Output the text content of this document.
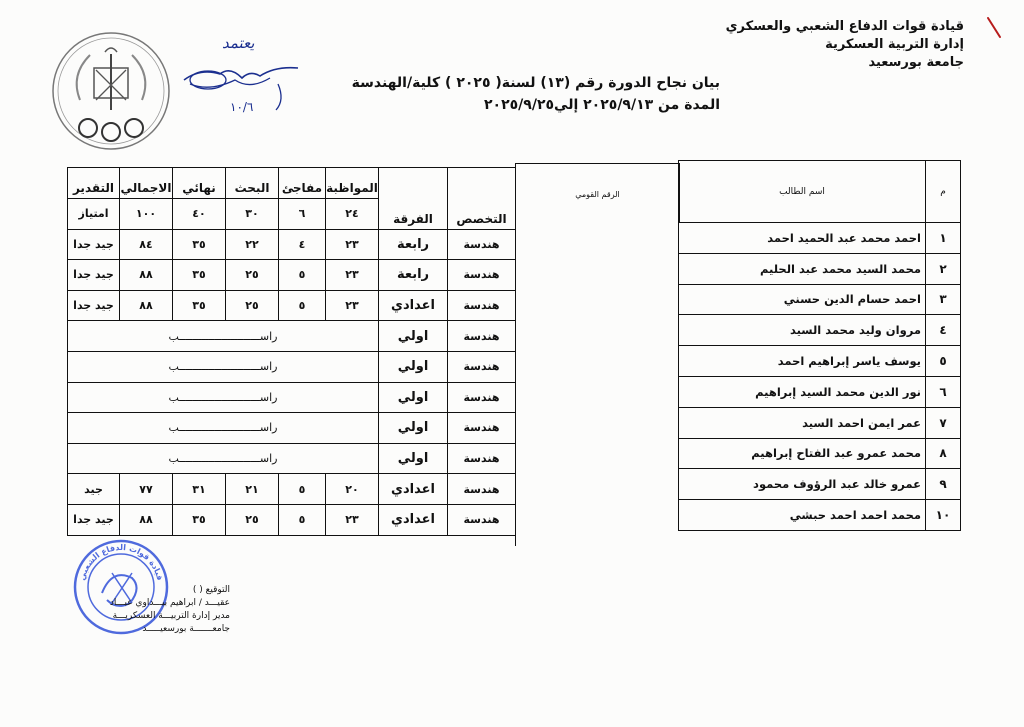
قيادة قوات الدفاع الشعبي والعسكري
إدارة التربية العسكرية
جامعة بورسعيد
يعتمد
١٠/٦
بيان نجاح الدورة رقم (١٣) لسنة( ٢٠٢٥ ) كلية/الهندسة
المدة من ٢٠٢٥/٩/١٣ إلي٢٠٢٥/٩/٢٥
التخصص	الفرقة	المواظبة	مفاجئ	البحث	نهائي	الاجمالي	التقدير
		٢٤	٦	٣٠	٤٠	١٠٠	امتياز
هندسة	رابعة	٢٣	٤	٢٢	٣٥	٨٤	جيد جدا
هندسة	رابعة	٢٣	٥	٢٥	٣٥	٨٨	جيد جدا
هندسة	اعدادي	٢٣	٥	٢٥	٣٥	٨٨	جيد جدا
هندسة	اولي	راســـــــــــــــــــــــــب					
هندسة	اولي	راســـــــــــــــــــــــــب					
هندسة	اولي	راســـــــــــــــــــــــــب					
هندسة	اولي	راســـــــــــــــــــــــــب					
هندسة	اولي	راســـــــــــــــــــــــــب					
هندسة	اعدادي	٢٠	٥	٢١	٣١	٧٧	جيد
هندسة	اعدادي	٢٣	٥	٢٥	٣٥	٨٨	جيد جدا
الرقم القومي	م	اسم الطالب
١	احمد محمد عبد الحميد احمد
٢	محمد السيد محمد عبد الحليم
٣	احمد حسام الدين حسني
٤	مروان وليد محمد السيد
٥	يوسف ياسر إبراهيم احمد
٦	نور الدين محمد السيد إبراهيم
٧	عمر ايمن احمد السيد
٨	محمد عمرو عبد الفتاح إبراهيم
٩	عمرو خالد عبد الرؤوف محمود
١٠	محمد احمد احمد حبشي
قيادة قوات الدفاع الشعبي
التوقيع ( )
عقيـــد / ابراهيم بيـــداوي عبـــاد
مدير إدارة التربيـــة العسكريـــة
جامعـــــــة بورسعيـــــد
